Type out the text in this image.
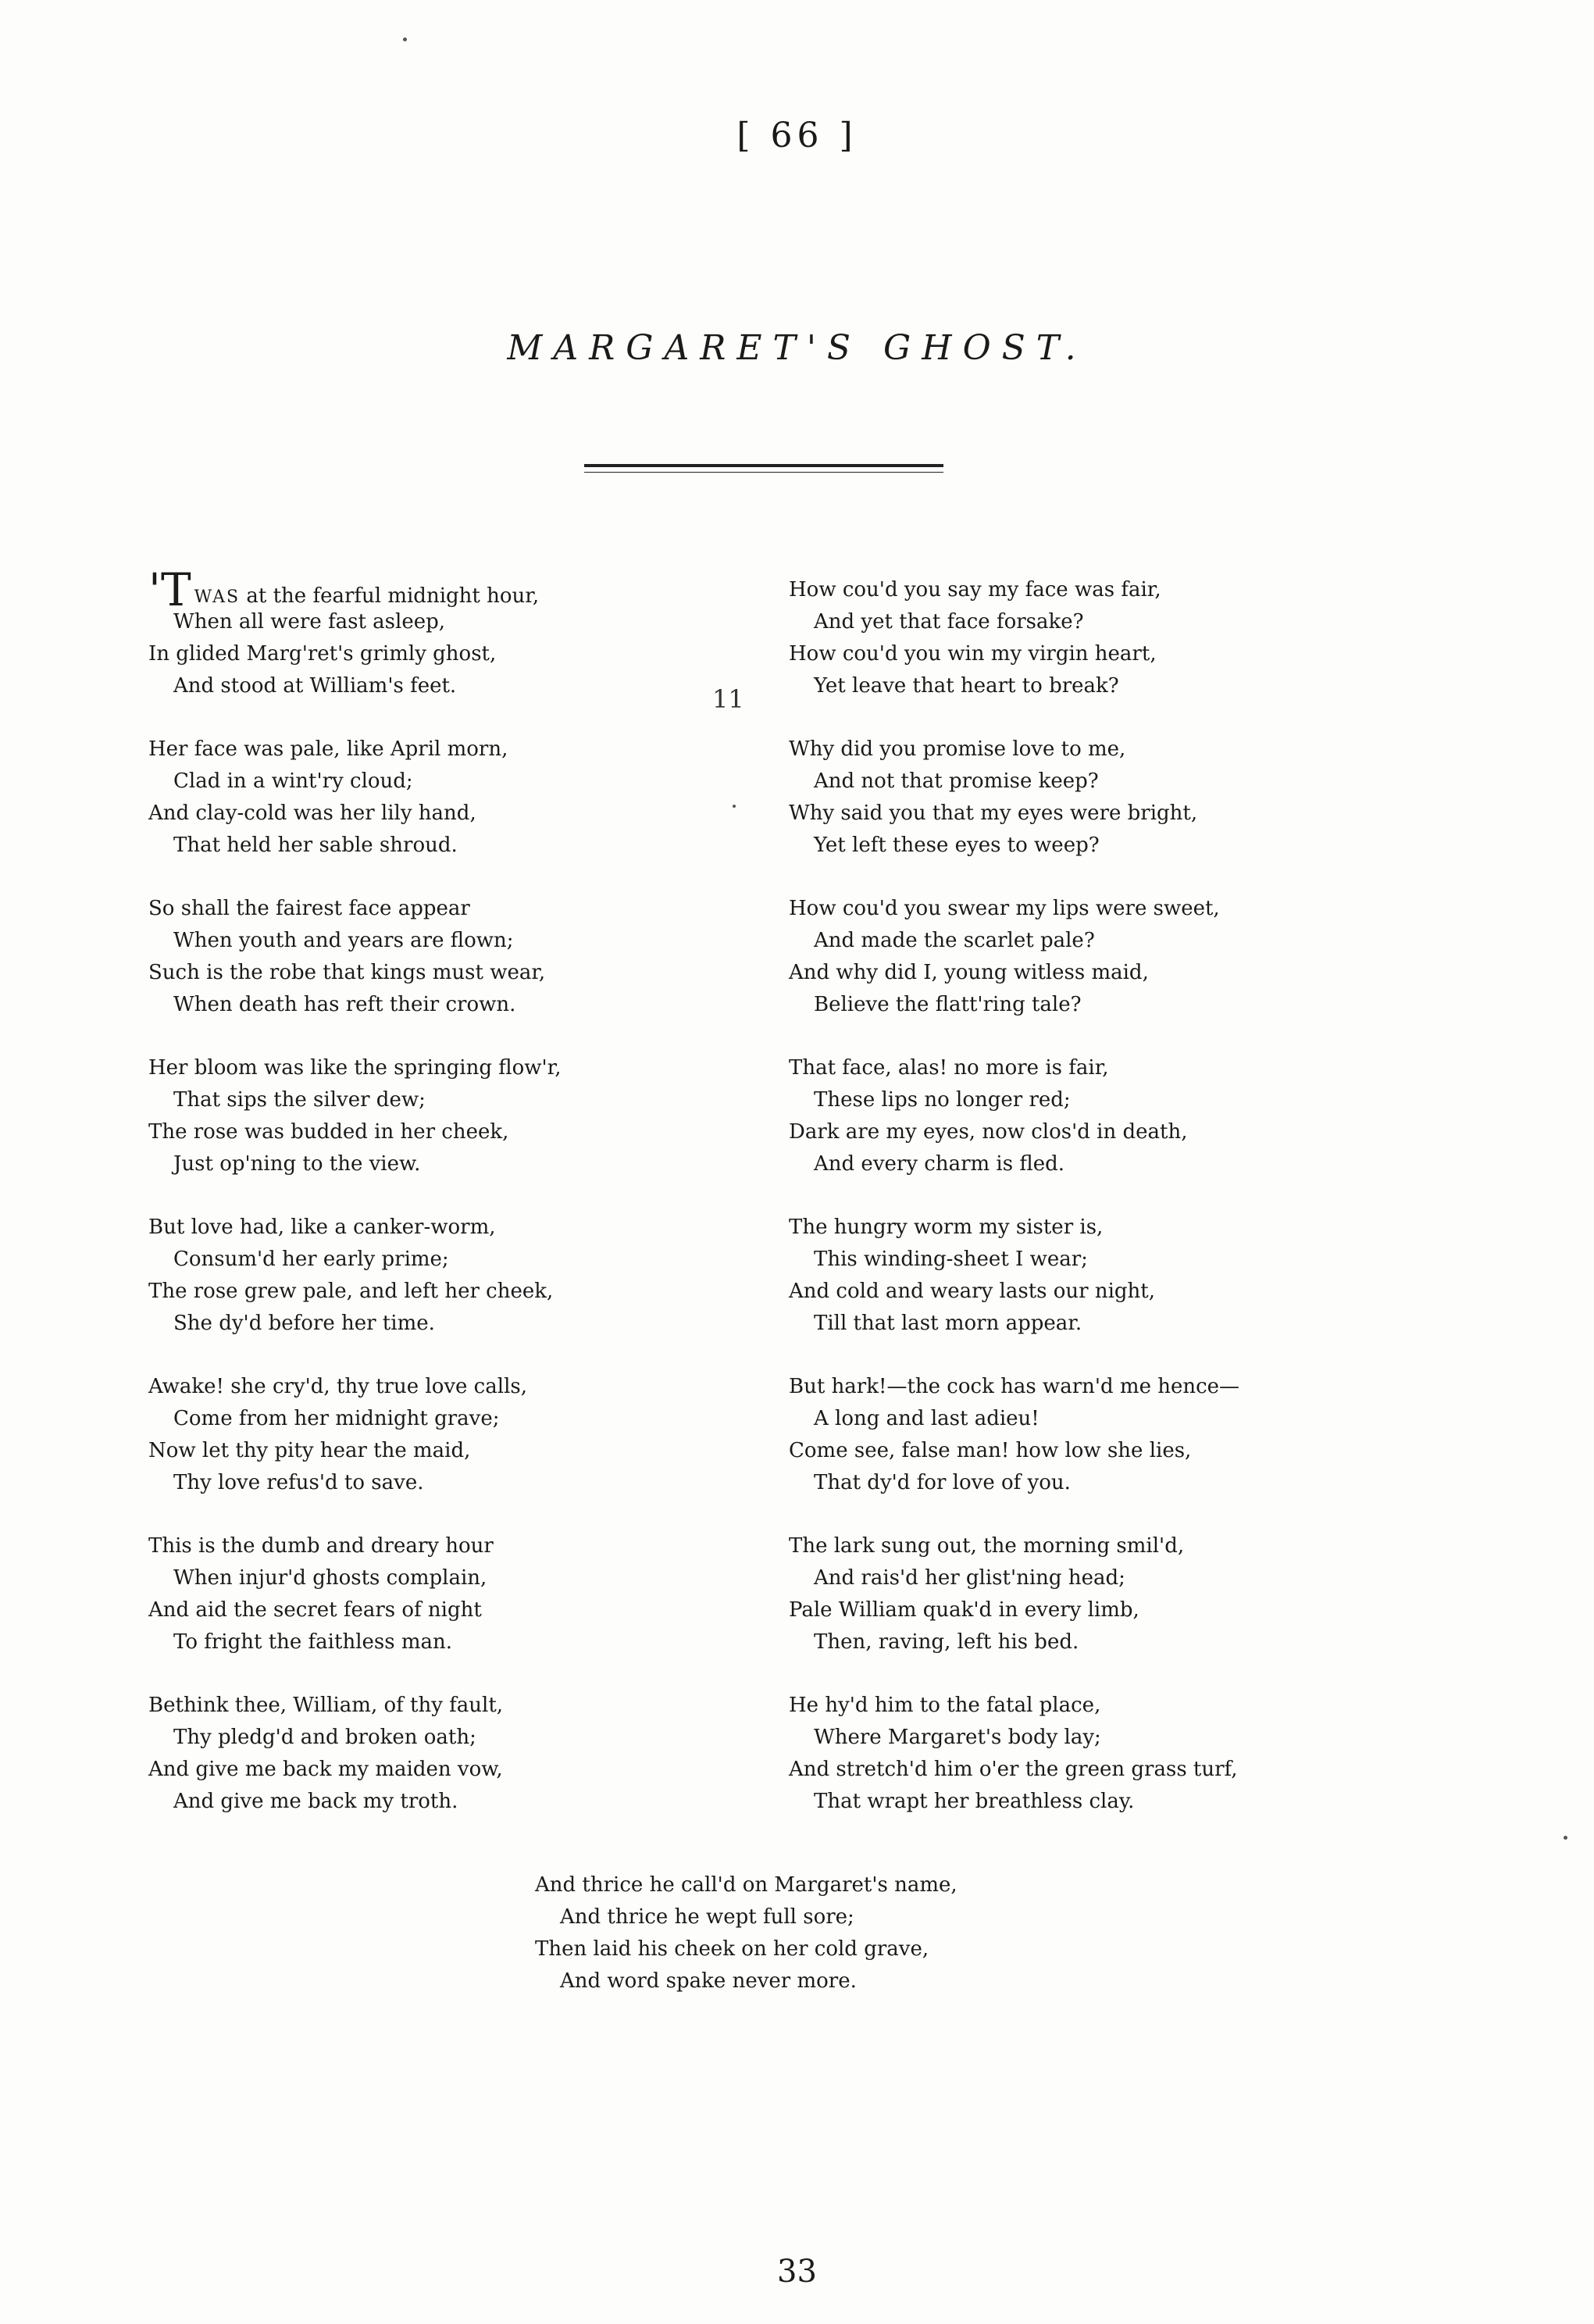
[ 66 ]
MARGARET'S GHOST.
'TWAS at the fearful midnight hour,
When all were fast asleep,
In glided Marg'ret's grimly ghost,
And stood at William's feet.
Her face was pale, like April morn,
Clad in a wint'ry cloud;
And clay-cold was her lily hand,
That held her sable shroud.
So shall the fairest face appear
When youth and years are flown;
Such is the robe that kings must wear,
When death has reft their crown.
Her bloom was like the springing flow'r,
That sips the silver dew;
The rose was budded in her cheek,
Just op'ning to the view.
But love had, like a canker-worm,
Consum'd her early prime;
The rose grew pale, and left her cheek,
She dy'd before her time.
Awake! she cry'd, thy true love calls,
Come from her midnight grave;
Now let thy pity hear the maid,
Thy love refus'd to save.
This is the dumb and dreary hour
When injur'd ghosts complain,
And aid the secret fears of night
To fright the faithless man.
Bethink thee, William, of thy fault,
Thy pledg'd and broken oath;
And give me back my maiden vow,
And give me back my troth.
How cou'd you say my face was fair,
And yet that face forsake?
How cou'd you win my virgin heart,
Yet leave that heart to break?
Why did you promise love to me,
And not that promise keep?
Why said you that my eyes were bright,
Yet left these eyes to weep?
How cou'd you swear my lips were sweet,
And made the scarlet pale?
And why did I, young witless maid,
Believe the flatt'ring tale?
That face, alas! no more is fair,
These lips no longer red;
Dark are my eyes, now clos'd in death,
And every charm is fled.
The hungry worm my sister is,
This winding-sheet I wear;
And cold and weary lasts our night,
Till that last morn appear.
But hark!—the cock has warn'd me hence—
A long and last adieu!
Come see, false man! how low she lies,
That dy'd for love of you.
The lark sung out, the morning smil'd,
And rais'd her glist'ning head;
Pale William quak'd in every limb,
Then, raving, left his bed.
He hy'd him to the fatal place,
Where Margaret's body lay;
And stretch'd him o'er the green grass turf,
That wrapt her breathless clay.
And thrice he call'd on Margaret's name,
And thrice he wept full sore;
Then laid his cheek on her cold grave,
And word spake never more.
11
33
